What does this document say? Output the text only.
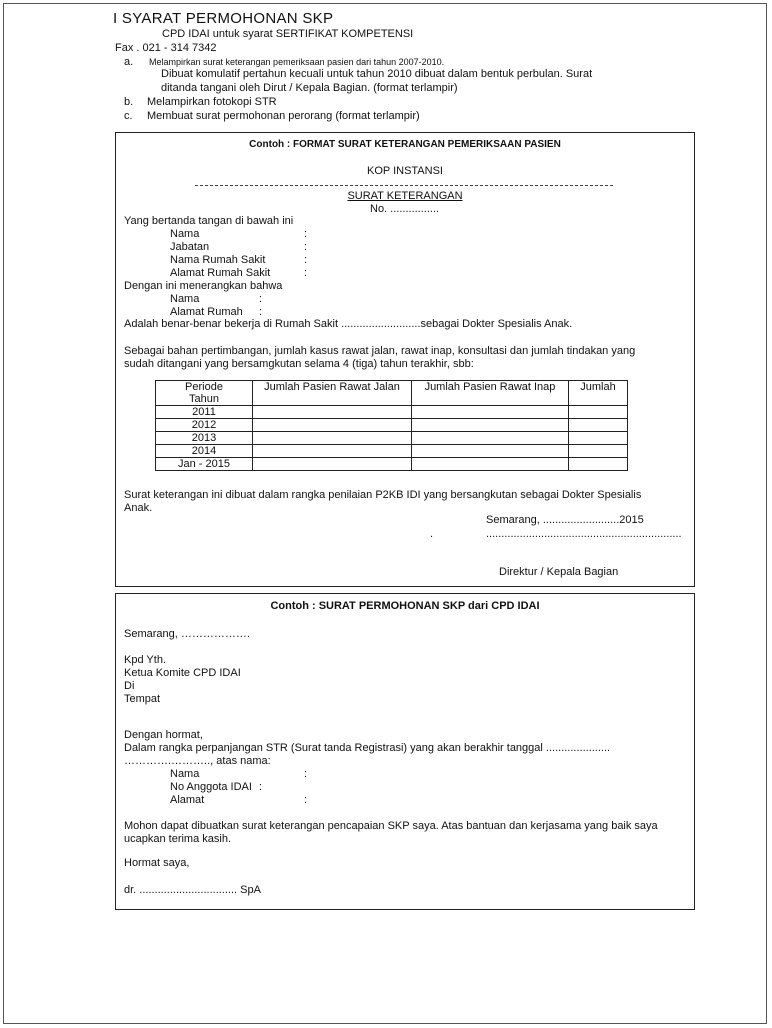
I SYARAT PERMOHONAN SKP
CPD IDAI untuk syarat SERTIFIKAT KOMPETENSI
Fax . 021 - 314 7342
a. Melampirkan surat keterangan pemeriksaan pasien dari tahun 2007-2010.
Dibuat komulatif pertahun kecuali untuk tahun 2010 dibuat dalam bentuk perbulan. Surat
ditanda tangani oleh Dirut / Kepala Bagian. (format terlampir)
b. Melampirkan fotokopi STR
c. Membuat surat permohonan perorang (format terlampir)
Contoh : FORMAT SURAT KETERANGAN PEMERIKSAAN PASIEN
KOP INSTANSI
SURAT KETERANGAN
No. ................
Yang bertanda tangan di bawah ini
Nama	:
Jabatan	:
Nama Rumah Sakit	:
Alamat Rumah Sakit	:
Dengan ini menerangkan bahwa
Nama	:
Alamat Rumah :
Adalah benar-benar bekerja di Rumah Sakit ..........................sebagai Dokter Spesialis Anak.
Sebagai bahan pertimbangan, jumlah kasus rawat jalan, rawat inap, konsultasi dan jumlah tindakan yang
sudah ditangani yang bersamgkutan selama 4 (tiga) tahun terakhir, sbb:
Periode
Tahun	Jumlah Pasien Rawat Jalan	Jumlah Pasien Rawat Inap	Jumlah
2011			
2012			
2013			
2014			
Jan - 2015			
Surat keterangan ini dibuat dalam rangka penilaian P2KB IDI yang bersangkutan sebagai Dokter Spesialis
Anak.
Semarang, .........................2015
.	................................................................
Direktur / Kepala Bagian
Contoh : SURAT PERMOHONAN SKP dari CPD IDAI
Semarang, ……………….
Kpd Yth.
Ketua Komite CPD IDAI
Di
Tempat
Dengan hormat,
Dalam rangka perpanjangan STR (Surat tanda Registrasi) yang akan berakhir tanggal .....................
………….……….., atas nama:
Nama	:
No Anggota IDAI :
Alamat	:
Mohon dapat dibuatkan surat keterangan pencapaian SKP saya. Atas bantuan dan kerjasama yang baik saya
ucapkan terima kasih.
Hormat saya,
dr. ................................ SpA
